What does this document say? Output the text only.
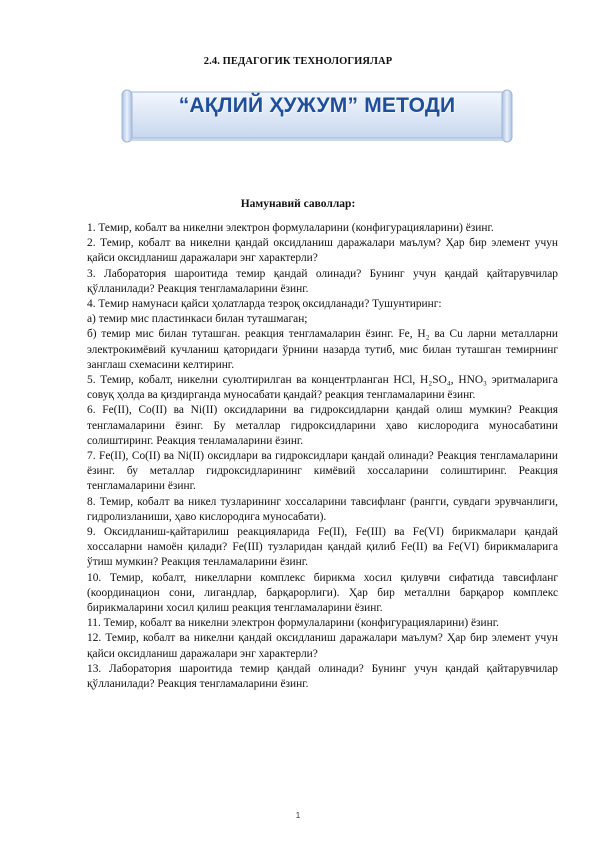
2.4. ПЕДАГОГИК ТЕХНОЛОГИЯЛАР
“АҚЛИЙ ҲУЖУМ” МЕТОДИ
Намунавий саволлар:

1. Темир, кобалт ва никелни электрон формулаларини (конфигурацияларини) ёзинг.

2. Темир, кобалт ва никелни қандай оксидланиш даражалари маълум? Ҳар бир элемент учун қайси оксидланиш даражалари энг характерли?

3. Лаборатория шароитида темир қандай олинади? Бунинг учун қандай қайтарувчилар қўлланилади? Реакция тенгламаларини ёзинг.

4. Темир намунаси қайси ҳолатларда тезроқ оксидланади? Тушунтиринг:

а) темир мис пластинкаси билан туташмаган;

б) темир мис билан туташган. реакция тенгламаларин ёзинг. Fe, H₂ ва Cu ларни металларни электрокимёвий кучланиш қаторидаги ўрнини назарда тутиб, мис билан туташган темирнинг занглаш схемасини келтиринг.

5. Темир, кобалт, никелни суюлтирилган ва концентрланган HCl, H₂SO₄, HNO₃ эритмаларига совуқ ҳолда ва қиздирганда муносабати қандай? реакция тенгламаларини ёзинг.

6. Fe(II), Co(II) ва Ni(II) оксидларини ва гидроксидларни қандай олиш мумкин? Реакция тенгламаларини ёзинг. Бу металлар гидроксидларини ҳаво кислородига муносабатини солиштиринг. Реакция тенламаларини ёзинг.

7. Fe(II), Co(II) ва Ni(II) оксидлари ва гидроксидлари қандай олинади? Реакция тенгламаларини ёзинг. бу металлар гидроксидларининг кимёвий хоссаларини солиштиринг. Реакция тенгламаларини ёзинг.

8. Темир, кобалт ва никел тузларининг хоссаларини тавсифланг (рангги, сувдаги эрувчанлиги, гидролизланиши, ҳаво кислородига муносабати).

9. Оксидланиш-қайтарилиш реакцияларида Fe(II), Fe(III) ва Fe(VI) бирикмалари қандай хоссаларни намоён қилади? Fe(III) тузларидан қандай қилиб Fe(II) ва Fe(VI) бирикмаларига ўтиш мумкин? Реакция тенламаларини ёзинг.

10. Темир, кобалт, никелларни комплекс бирикма хосил қилувчи сифатида тавсифланг (координацион сони, лигандлар, барқарорлиги). Ҳар бир металлни барқарор комплекс бирикмаларини хосил қилиш реакция тенгламаларини ёзинг.

11. Темир, кобалт ва никелни электрон формулаларини (конфигурацияларини) ёзинг.

12. Темир, кобалт ва никелни қандай оксидланиш даражалари маълум? Ҳар бир элемент учун қайси оксидланиш даражалари энг характерли?

13. Лаборатория шароитида темир қандай олинади? Бунинг учун қандай қайтарувчилар қўлланилади? Реакция тенгламаларини ёзинг.

1
